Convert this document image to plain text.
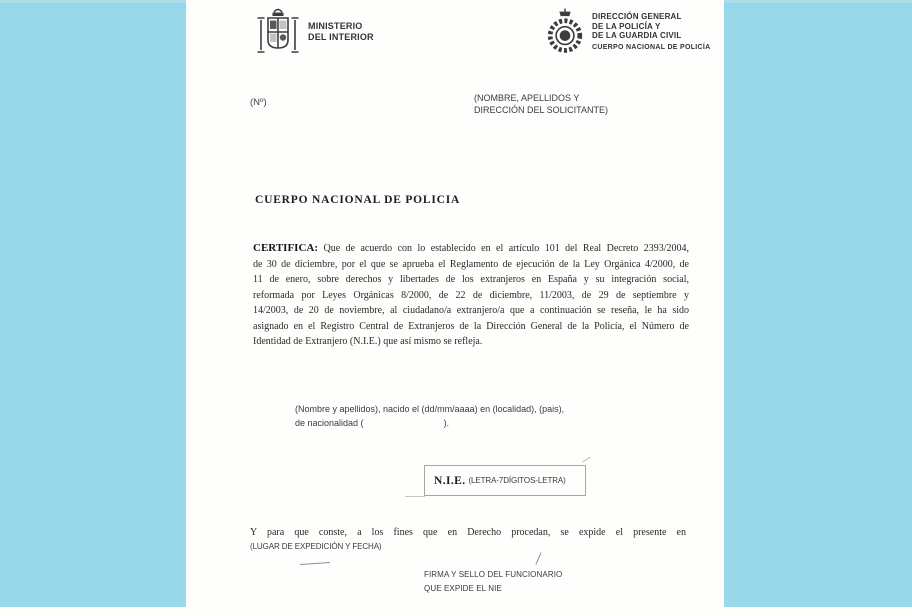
MINISTERIO
DEL INTERIOR
DIRECCIÓN GENERAL
DE LA POLICÍA Y
DE LA GUARDIA CIVIL
CUERPO NACIONAL DE POLICÍA
(Nº)	(NOMBRE, APELLIDOS Y
DIRECCIÓN DEL SOLICITANTE)
CUERPO NACIONAL DE POLICIA
CERTIFICA: Que de acuerdo con lo establecido en el artículo 101 del Real Decreto 2393/2004,
de 30 de diciembre, por el que se aprueba el Reglamento de ejecución de la Ley Orgánica 4/2000, de
11 de enero, sobre derechos y libertades de los extranjeros en España y su integración social,
reformada por Leyes Orgánicas 8/2000, de 22 de diciembre, 11/2003, de 29 de septiembre y
14/2003, de 20 de noviembre, al ciudadano/a extranjero/a que a continuación se reseña, le ha sido
asignado en el Registro Central de Extranjeros de la Dirección General de la Policía, el Número de
Identidad de Extranjero (N.I.E.) que así mismo se refleja.
(Nombre y apellidos), nacido el (dd/mm/aaaa) en (localidad), (pais),
de nacionalidad (	).
N.I.E. (LETRA-7DÍGITOS-LETRA)
Y para que conste, a los fines que en Derecho procedan, se expide el presente en
(LUGAR DE EXPEDICIÓN Y FECHA)
FIRMA Y SELLO DEL FUNCIONARIO
QUE EXPIDE EL NIE
